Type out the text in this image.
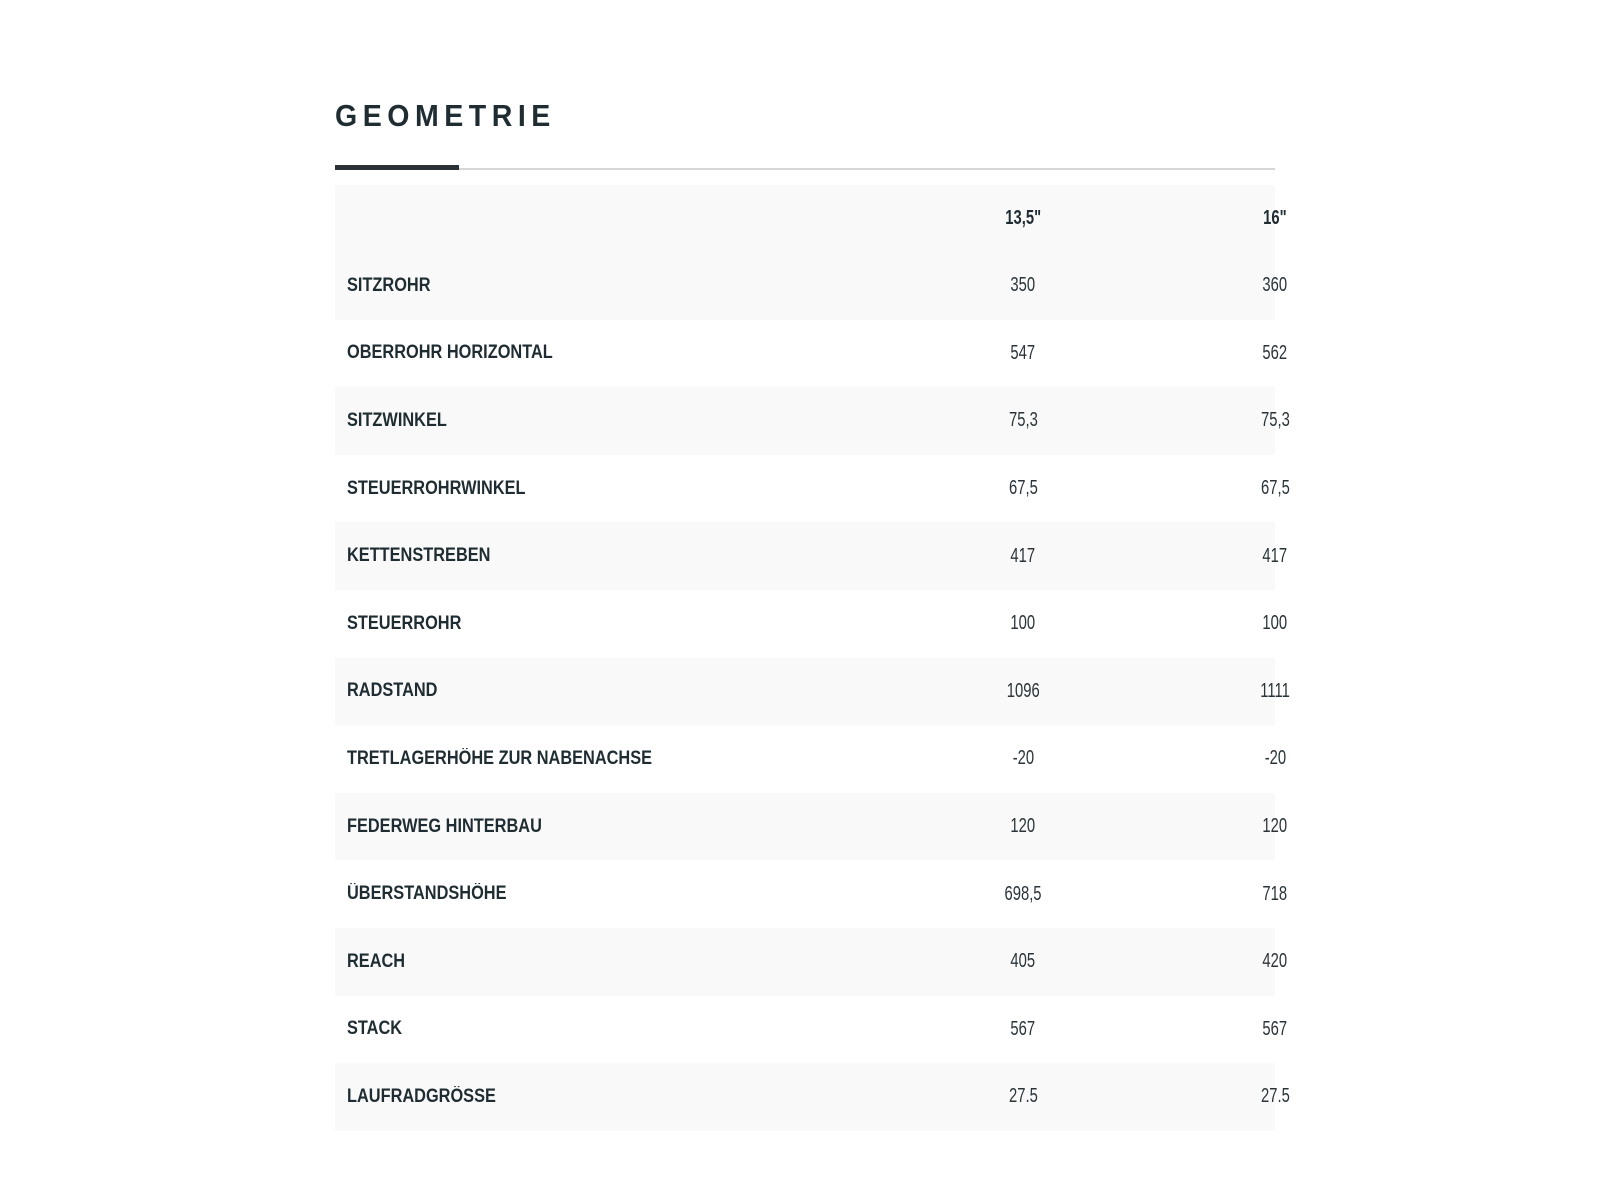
GEOMETRIE
	13,5"	16"
SITZROHR	350	360
OBERROHR HORIZONTAL	547	562
SITZWINKEL	75,3	75,3
STEUERROHRWINKEL	67,5	67,5
KETTENSTREBEN	417	417
STEUERROHR	100	100
RADSTAND	1096	1111
TRETLAGERHÖHE ZUR NABENACHSE	-20	-20
FEDERWEG HINTERBAU	120	120
ÜBERSTANDSHÖHE	698,5	718
REACH	405	420
STACK	567	567
LAUFRADGRÖSSE	27.5	27.5
